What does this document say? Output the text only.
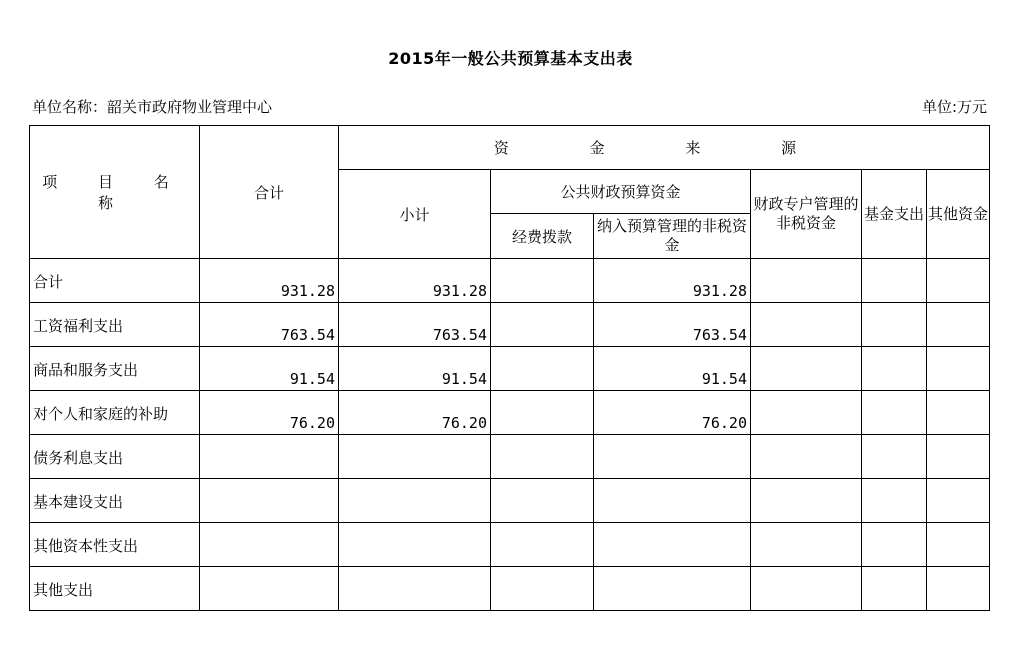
2015年一般公共预算基本支出表
单位名称：韶关市政府物业管理中心	单位:万元
项 目 名 称	合计	资 金 来 源					
		小计	公共财政预算资金		财政专户管理的非税资金	基金支出	其他资金
			经费拨款	纳入预算管理的非税资金			
合计	931.28	931.28		931.28			
工资福利支出	763.54	763.54		763.54			
商品和服务支出	91.54	91.54		91.54			
对个人和家庭的补助	76.20	76.20		76.20			
债务利息支出							
基本建设支出							
其他资本性支出							
其他支出							
